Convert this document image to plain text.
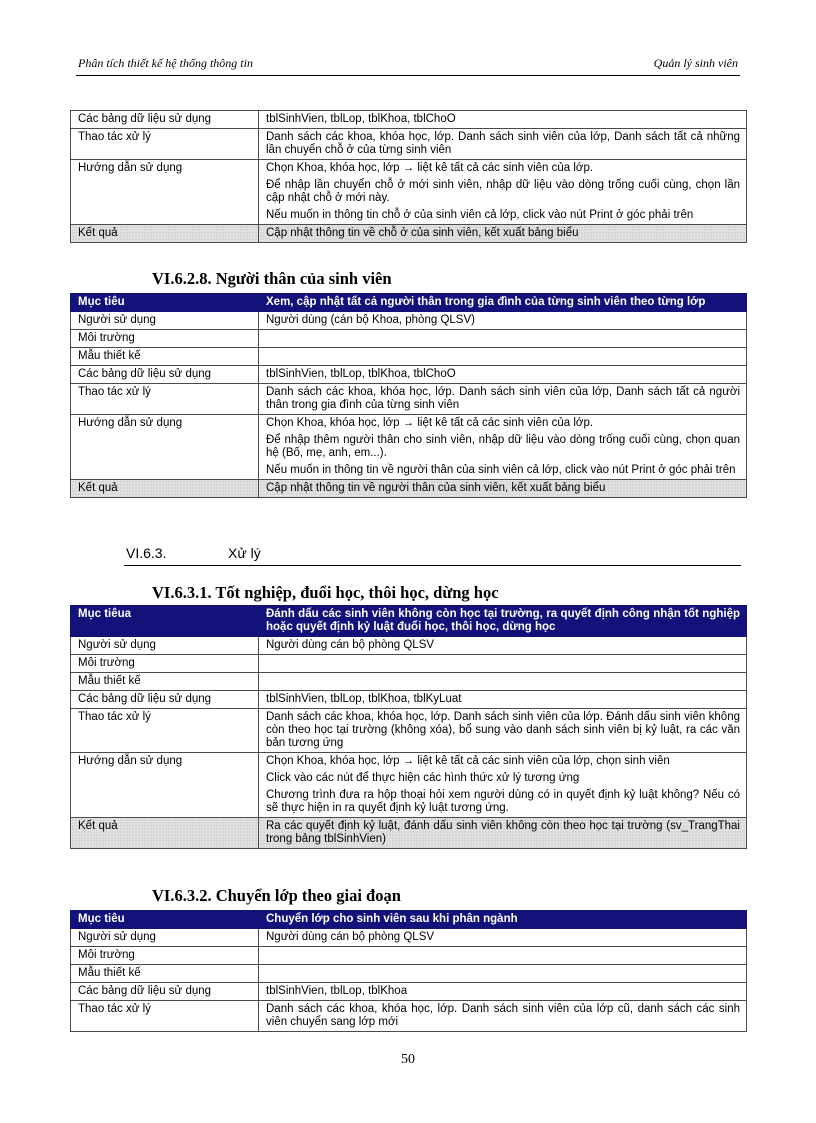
Phân tích thiết kế hệ thống thông tin	Quản lý sinh viên
Các bảng dữ liệu sử dụng	tblSinhVien, tblLop, tblKhoa, tblChoO

Thao tác xử lý	Danh sách các khoa, khóa học, lớp. Danh sách sinh viên của lớp, Danh sách tất cả những lần chuyển chỗ ở của từng sinh viên

Hướng dẫn sử dụng	Chọn Khoa, khóa học, lớp → liệt kê tất cả các sinh viên của lớp.
Để nhập lần chuyển chỗ ở mới sinh viên, nhập dữ liệu vào dòng trống cuối cùng, chọn lần cập nhật chỗ ở mới này.
Nếu muốn in thông tin chỗ ở của sinh viên cả lớp, click vào nút Print ở góc phải trên

Kết quả	Cập nhật thông tin về chỗ ở của sinh viên, kết xuất bảng biểu
VI.6.2.8. Người thân của sinh viên
Mục tiêu	Xem, cập nhật tất cả người thân trong gia đình của từng sinh viên theo từng lớp
Người sử dụng	Người dùng (cán bộ Khoa, phòng QLSV)

Môi trường	

Mẫu thiết kế	

Các bảng dữ liệu sử dụng	tblSinhVien, tblLop, tblKhoa, tblChoO

Thao tác xử lý	Danh sách các khoa, khóa học, lớp. Danh sách sinh viên của lớp, Danh sách tất cả người thân trong gia đình của từng sinh viên

Hướng dẫn sử dụng	Chọn Khoa, khóa học, lớp → liệt kê tất cả các sinh viên của lớp.
Để nhập thêm người thân cho sinh viên, nhập dữ liệu vào dòng trống cuối cùng, chọn quan hệ (Bố, mẹ, anh, em...).
Nếu muốn in thông tin về người thân của sinh viên cả lớp, click vào nút Print ở góc phải trên

Kết quả	Cập nhật thông tin về người thân của sinh viên, kết xuất bảng biểu
VI.6.3.	Xử lý
VI.6.3.1. Tốt nghiệp, đuổi học, thôi học, dừng học
Mục tiêua	Đánh dấu các sinh viên không còn học tại trường, ra quyết định công nhận tốt nghiệp hoặc quyết định kỷ luật đuổi học, thôi học, dừng học
Người sử dụng	Người dùng cán bộ phòng QLSV

Môi trường	

Mẫu thiết kế	

Các bảng dữ liệu sử dụng	tblSinhVien, tblLop, tblKhoa, tblKyLuat

Thao tác xử lý	Danh sách các khoa, khóa học, lớp. Danh sách sinh viên của lớp. Đánh dấu sinh viên không còn theo học tại trường (không xóa), bổ sung vào danh sách sinh viên bị kỷ luật, ra các văn bản tương ứng

Hướng dẫn sử dụng	Chọn Khoa, khóa học, lớp → liệt kê tất cả các sinh viên của lớp, chọn sinh viên
Click vào các nút để thực hiện các hình thức xử lý tương ứng
Chương trình đưa ra hộp thoại hỏi xem người dùng có in quyết định kỷ luật không? Nếu có sẽ thực hiện in ra quyết định kỷ luật tương ứng.

Kết quả	Ra các quyết định kỷ luật, đánh dấu sinh viên không còn theo học tại trường (sv_TrangThai trong bảng tblSinhVien)
VI.6.3.2. Chuyển lớp theo giai đoạn
Mục tiêu	Chuyển lớp cho sinh viên sau khi phân ngành
Người sử dụng	Người dùng cán bộ phòng QLSV

Môi trường	

Mẫu thiết kế	

Các bảng dữ liệu sử dụng	tblSinhVien, tblLop, tblKhoa

Thao tác xử lý	Danh sách các khoa, khóa học, lớp. Danh sách sinh viên của lớp cũ, danh sách các sinh viên chuyển sang lớp mới
50
